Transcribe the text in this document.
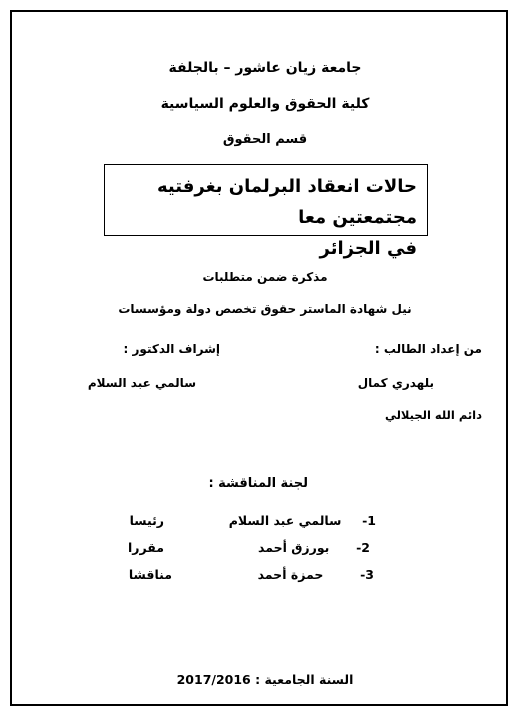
جامعة زيان عاشور – بالجلفة
كلية الحقوق والعلوم السياسية
قسم الحقوق
حالات انعقاد البرلمان بغرفتيه مجتمعتين معا
في الجزائر
مذكرة ضمن متطلبات
نيل شهادة الماستر حقوق تخصص دولة ومؤسسات
من إعداد الطالب :
إشراف الدكتور :
بلهدري كمال
سالمي عبد السلام
دائم الله الجيلالي
لجنة المناقشة :
1-  سالمي عبد السلام
رئيسا
2-  بورزق أحمد
مقررا
3-  حمزة أحمد
مناقشا
السنة الجامعية : 2017/2016
